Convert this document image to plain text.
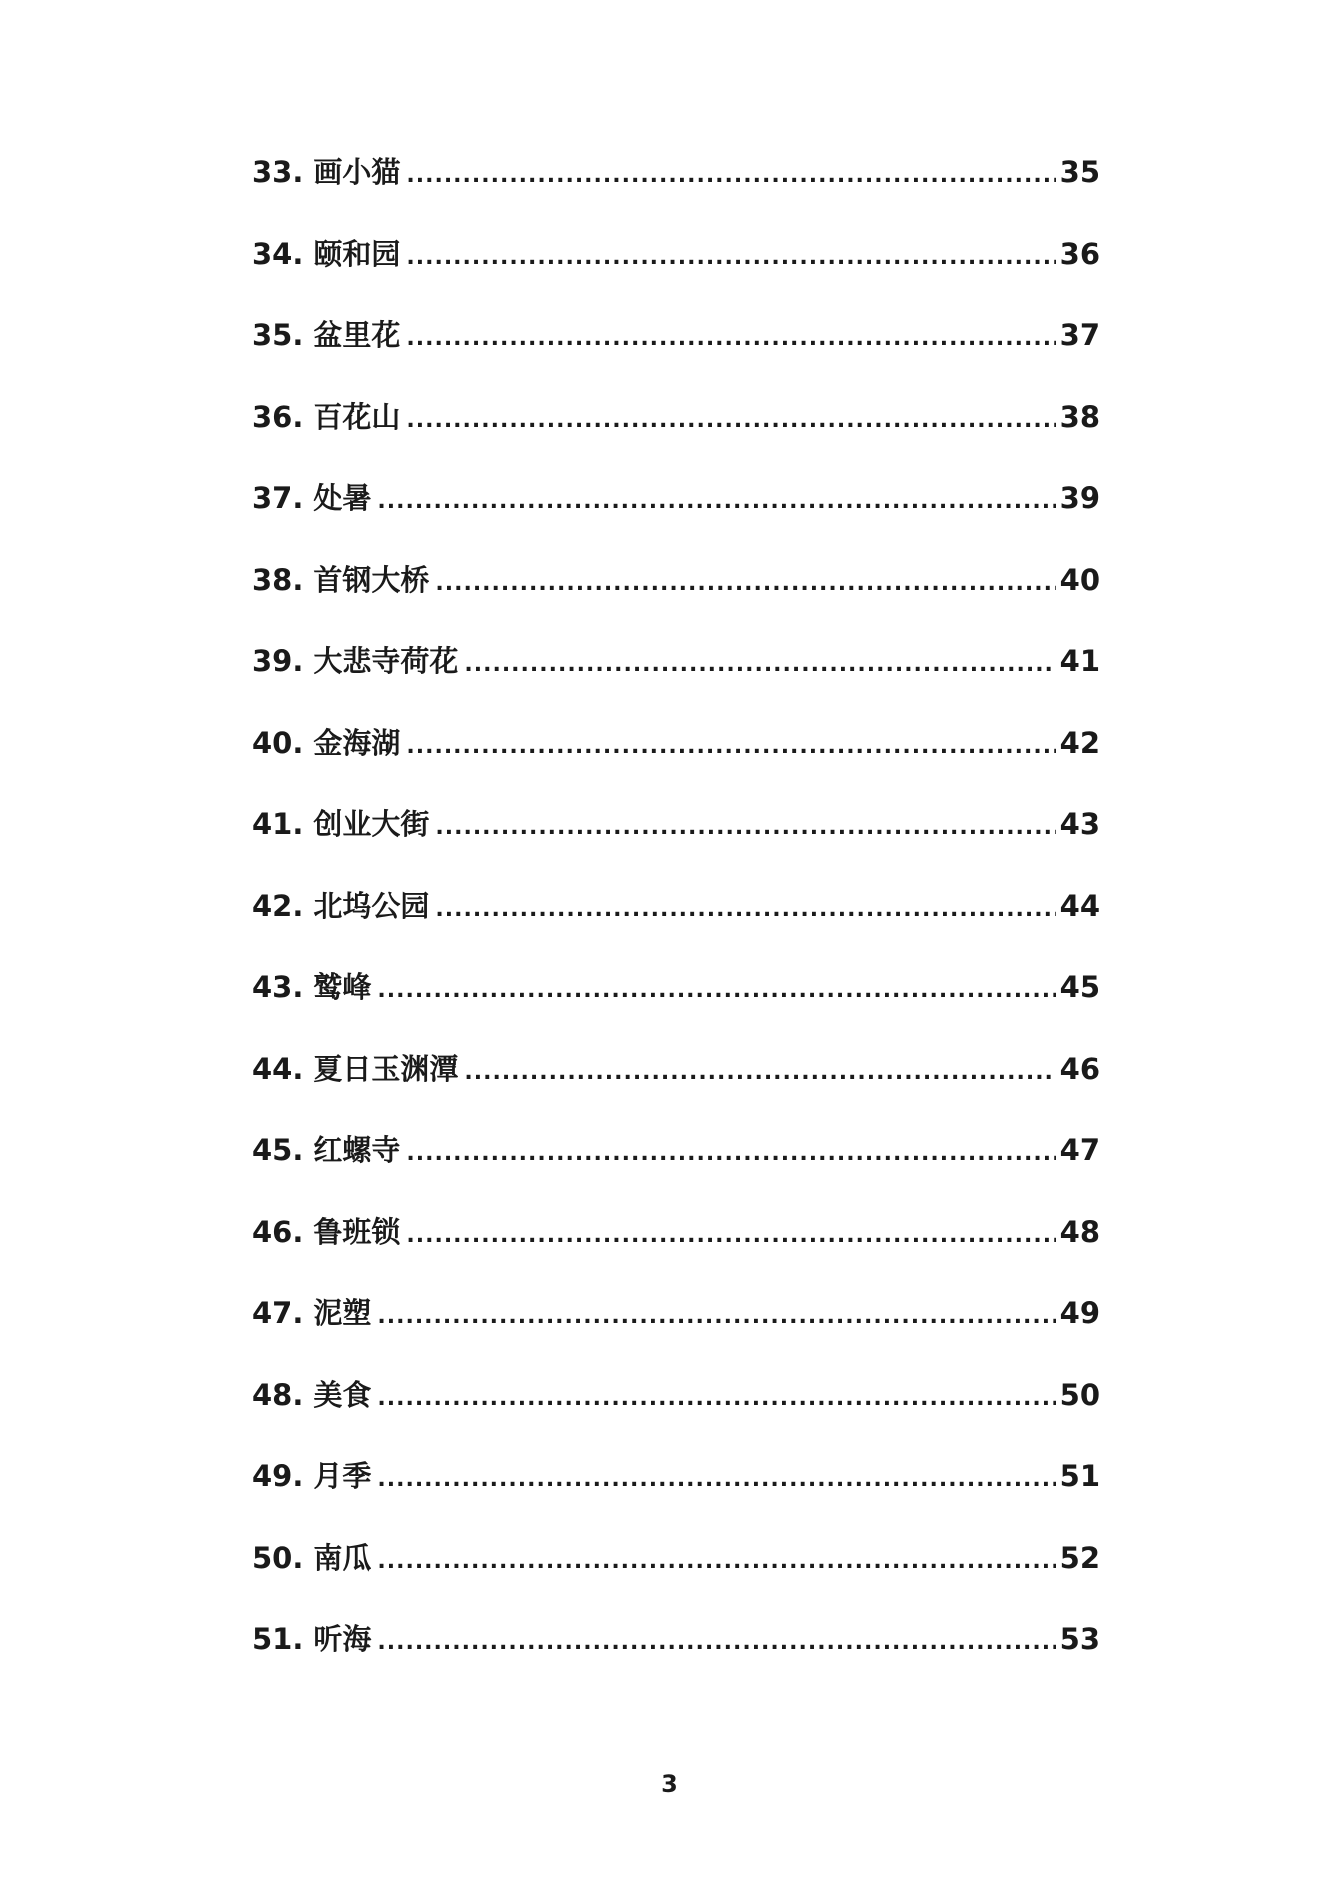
33. 画小猫 .....	35
34. 颐和园 .....	36
35. 盆里花 .....	37
36. 百花山 .....	38
37. 处暑 .....	39
38. 首钢大桥 .....	40
39. 大悲寺荷花 .....	41
40. 金海湖 .....	42
41. 创业大街 .....	43
42. 北坞公园 .....	44
43. 鹫峰 .....	45
44. 夏日玉渊潭 .....	46
45. 红螺寺 .....	47
46. 鲁班锁 .....	48
47. 泥塑 .....	49
48. 美食 .....	50
49. 月季 .....	51
50. 南瓜 .....	52
51. 听海 .....	53
3
